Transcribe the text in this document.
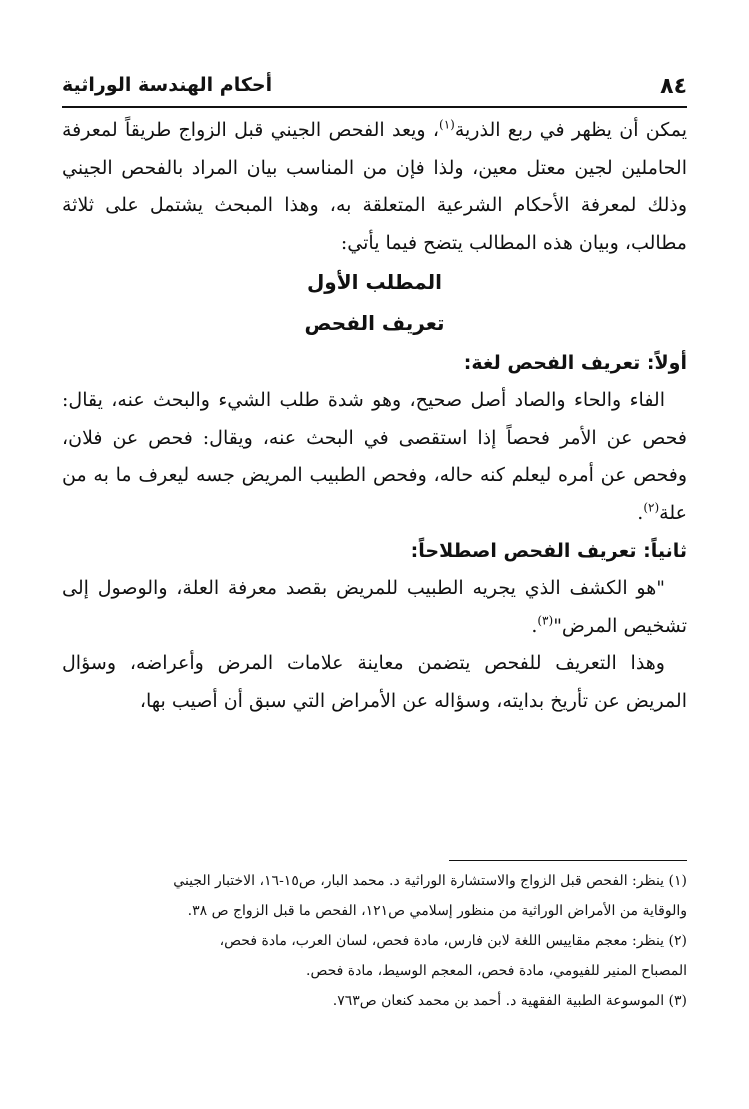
٨٤
أحكام الهندسة الوراثية

يمكن أن يظهر في ربع الذرية$^{(١)}$، ويعد الفحص الجيني قبل الزواج طريقاً لمعرفة الحاملين لجين معتل معين، ولذا فإن من المناسب بيان المراد بالفحص الجيني وذلك لمعرفة الأحكام الشرعية المتعلقة به، وهذا المبحث يشتمل على ثلاثة مطالب، وبيان هذه المطالب يتضح فيما يأتي:

المطلب الأول

تعريف الفحص

أولاً: تعريف الفحص لغة:

الفاء والحاء والصاد أصل صحيح، وهو شدة طلب الشيء والبحث عنه، يقال: فحص عن الأمر فحصاً إذا استقصى في البحث عنه، ويقال: فحص عن فلان، وفحص عن أمره ليعلم كنه حاله، وفحص الطبيب المريض جسه ليعرف ما به من علة$^{(٢)}$.

ثانياً: تعريف الفحص اصطلاحاً:

"هو الكشف الذي يجريه الطبيب للمريض بقصد معرفة العلة، والوصول إلى تشخيص المرض"$^{(٣)}$.

وهذا التعريف للفحص يتضمن معاينة علامات المرض وأعراضه، وسؤال المريض عن تأريخ بدايته، وسؤاله عن الأمراض التي سبق أن أصيب بها،

(١) ينظر: الفحص قبل الزواج والاستشارة الوراثية د. محمد البار، ص١٥-١٦، الاختبار الجيني

والوقاية من الأمراض الوراثية من منظور إسلامي ص١٢١، الفحص ما قبل الزواج ص ٣٨.

(٢) ينظر: معجم مقاييس اللغة لابن فارس، مادة فحص، لسان العرب، مادة فحص،

المصباح المنير للفيومي، مادة فحص، المعجم الوسيط، مادة فحص.

(٣) الموسوعة الطبية الفقهية د. أحمد بن محمد كنعان ص٧٦٣.
